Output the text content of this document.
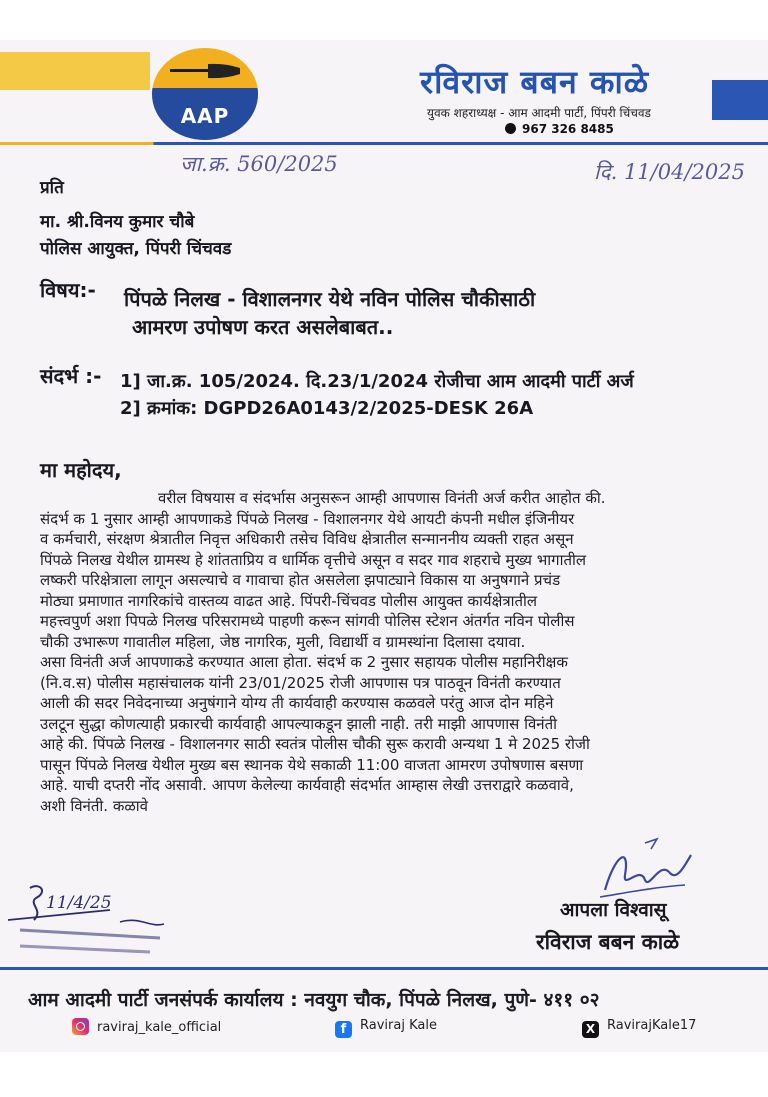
AAP
रविराज बबन काळे
युवक शहराध्यक्ष - आम आदमी पार्टी, पिंपरी चिंचवड
967 326 8485
जा.क्र. 560/2025	दि. 11/04/2025
प्रति
मा. श्री.विनय कुमार चौबे
पोलिस आयुक्त, पिंपरी चिंचवड
विषय:- पिंपळे निलख - विशालनगर येथे नविन पोलिस चौकीसाठी
आमरण उपोषण करत असलेबाबत..
संदर्भ :- 1] जा.क्र. 105/2024. दि.23/1/2024 रोजीचा आम आदमी पार्टी अर्ज
2] क्रमांक: DGPD26A0143/2/2025-DESK 26A
मा महोदय,
वरील विषयास व संदर्भास अनुसरून आम्ही आपणास विनंती अर्ज करीत आहोत की.
संदर्भ क 1 नुसार आम्ही आपणाकडे पिंपळे निलख - विशालनगर येथे आयटी कंपनी मधील इंजिनीयर
व कर्मचारी, संरक्षण श्रेत्रातील निवृत्त अधिकारी तसेच विविध क्षेत्रातील सन्माननीय व्यक्ती राहत असून
पिंपळे निलख येथील ग्रामस्थ हे शांतताप्रिय व धार्मिक वृत्तीचे असून व सदर गाव शहराचे मुख्य भागातील
लष्करी परिक्षेत्राला लागून असल्याचे व गावाचा होत असलेला झपाट्याने विकास या अनुषगाने प्रचंड
मोठ्या प्रमाणात नागरिकांचे वास्तव्य वाढत आहे. पिंपरी-चिंचवड पोलीस आयुक्त कार्यक्षेत्रातील
महत्त्वपुर्ण अशा पिपळे निलख परिसरामध्ये पाहणी करून सांगवी पोलिस स्टेशन अंतर्गत नविन पोलीस
चौकी उभारूण गावातील महिला, जेष्ठ नागरिक, मुली, विद्यार्थी व ग्रामस्थांना दिलासा दयावा.
असा विनंती अर्ज आपणाकडे करण्यात आला होता. संदर्भ क 2 नुसार सहायक पोलीस महानिरीक्षक
(नि.व.स) पोलीस महासंचालक यांनी 23/01/2025 रोजी आपणास पत्र पाठवून विनंती करण्यात
आली की सदर निवेदनाच्या अनुषंगाने योग्य ती कार्यवाही करण्यास कळवले परंतु आज दोन महिने
उलटून सुद्धा कोणत्याही प्रकारची कार्यवाही आपल्याकडून झाली नाही. तरी माझी आपणास विनंती
आहे की. पिंपळे निलख - विशालनगर साठी स्वतंत्र पोलीस चौकी सुरू करावी अन्यथा 1 मे 2025 रोजी
पासून पिंपळे निलख येथील मुख्य बस स्थानक येथे सकाळी 11:00 वाजता आमरण उपोषणास बसणा
आहे. याची दप्तरी नोंद असावी. आपण केलेल्या कार्यवाही संदर्भात आम्हास लेखी उत्तराद्वारे कळवावे,
अशी विनंती. कळावे
आपला विश्वासू
रविराज बबन काळे
11/4/25
आम आदमी पार्टी जनसंपर्क कार्यालय : नवयुग चौक, पिंपळे निलख, पुणे- ४११ ०२
raviraj_kale_official	f Raviraj Kale	X RavirajKale17
